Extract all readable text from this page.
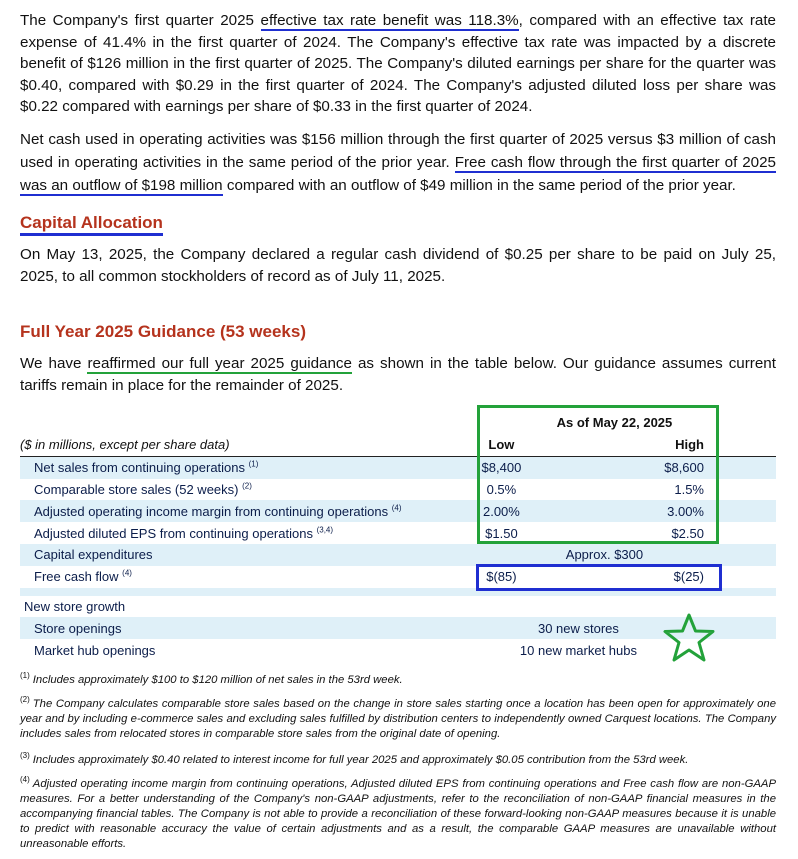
The Company's first quarter 2025 effective tax rate benefit was 118.3%, compared with an effective tax rate expense of 41.4% in the first quarter of 2024. The Company's effective tax rate was impacted by a discrete benefit of $126 million in the first quarter of 2025. The Company's diluted earnings per share for the quarter was $0.40, compared with $0.29 in the first quarter of 2024. The Company's adjusted diluted loss per share was $0.22 compared with earnings per share of $0.33 in the first quarter of 2024.

Net cash used in operating activities was $156 million through the first quarter of 2025 versus $3 million of cash used in operating activities in the same period of the prior year. Free cash flow through the first quarter of 2025 was an outflow of $198 million compared with an outflow of $49 million in the same period of the prior year.

Capital Allocation

On May 13, 2025, the Company declared a regular cash dividend of $0.25 per share to be paid on July 25, 2025, to all common stockholders of record as of July 11, 2025.

Full Year 2025 Guidance (53 weeks)

We have reaffirmed our full year 2025 guidance as shown in the table below. Our guidance assumes current tariffs remain in place for the remainder of 2025.

	As of May 22, 2025		
($ in millions, except per share data)	Low		High
Net sales from continuing operations $^{(1)}$	$8,400		$8,600
Comparable store sales (52 weeks) $^{(2)}$	0.5%		1.5%
Adjusted operating income margin from continuing operations $^{(4)}$	2.00%		3.00%
Adjusted diluted EPS from continuing operations $^{(3,4)}$	$1.50		$2.50
Capital expenditures	Approx. $300		
Free cash flow $^{(4)}$	$(85)		$(25)

New store growth			
Store openings	30 new stores		
Market hub openings	10 new market hubs		

$^{(1)}$ Includes approximately $100 to $120 million of net sales in the 53rd week.

$^{(2)}$ The Company calculates comparable store sales based on the change in store sales starting once a location has been open for approximately one year and by including e-commerce sales and excluding sales fulfilled by distribution centers to independently owned Carquest locations. The Company includes sales from relocated stores in comparable store sales from the original date of opening.

$^{(3)}$ Includes approximately $0.40 related to interest income for full year 2025 and approximately $0.05 contribution from the 53rd week.

$^{(4)}$ Adjusted operating income margin from continuing operations, Adjusted diluted EPS from continuing operations and Free cash flow are non-GAAP measures. For a better understanding of the Company's non-GAAP adjustments, refer to the reconciliation of non-GAAP financial measures in the accompanying financial tables. The Company is not able to provide a reconciliation of these forward-looking non-GAAP measures because it is unable to predict with reasonable accuracy the value of certain adjustments and as a result, the comparable GAAP measures are unavailable without unreasonable efforts.
